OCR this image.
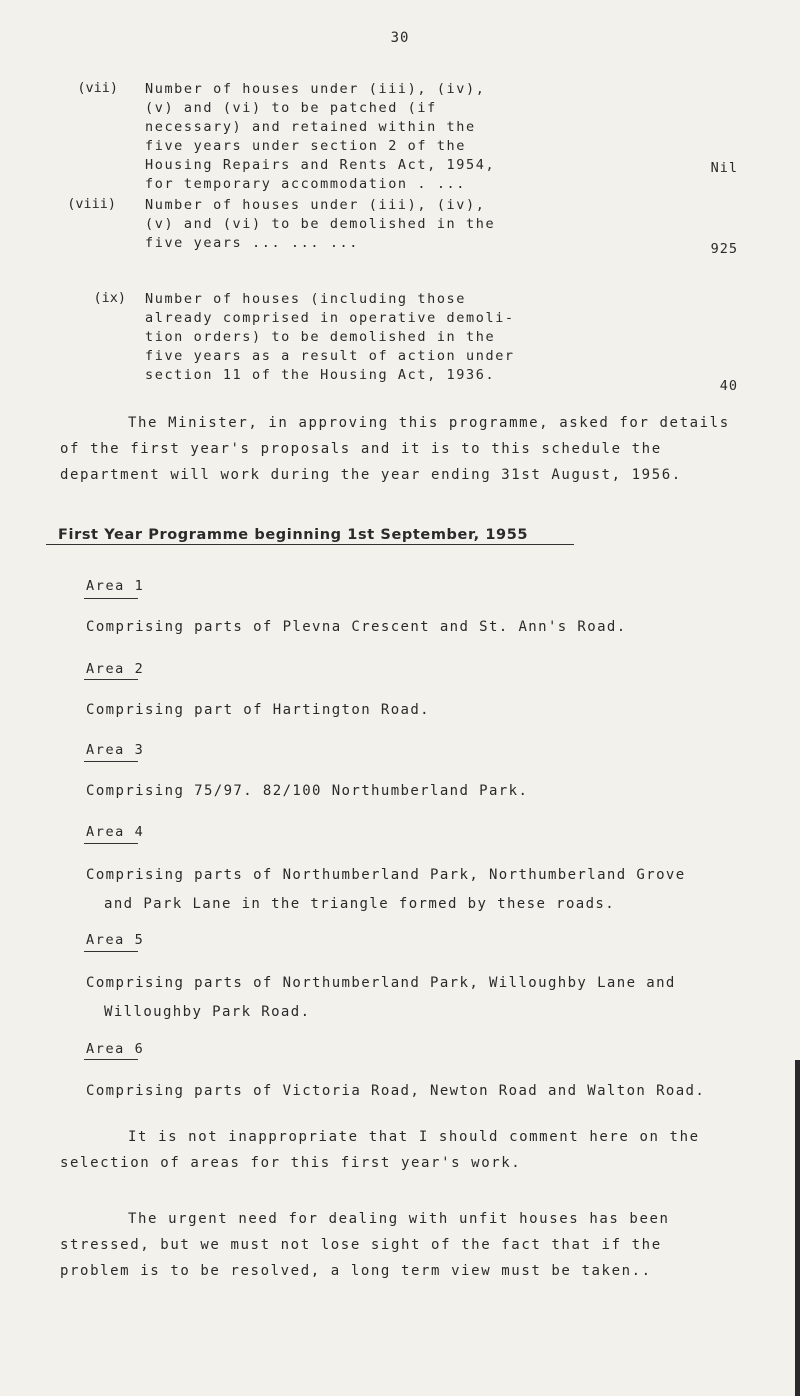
30
(vii) Number of houses under (iii), (iv),
(v) and (vi) to be patched (if
necessary) and retained within the
five years under section 2 of the
Housing Repairs and Rents Act, 1954,
for temporary accommodation . ...
Nil
(viii) Number of houses under (iii), (iv),
(v) and (vi) to be demolished in the
five years ... ... ...	925
(ix) Number of houses (including those
already comprised in operative demoli-
tion orders) to be demolished in the
five years as a result of action under
section 11 of the Housing Act, 1936.
40
The Minister, in approving this programme, asked for details
of the first year's proposals and it is to this schedule the
department will work during the year ending 31st August, 1956.
First Year Programme beginning 1st September, 1955
Area 1
Comprising parts of Plevna Crescent and St. Ann's Road.
Area 2
Comprising part of Hartington Road.
Area 3
Comprising 75/97. 82/100 Northumberland Park.
Area 4
Comprising parts of Northumberland Park, Northumberland Grove
and Park Lane in the triangle formed by these roads.
Area 5
Comprising parts of Northumberland Park, Willoughby Lane and
Willoughby Park Road.
Area 6
Comprising parts of Victoria Road, Newton Road and Walton Road.
It is not inappropriate that I should comment here on the
selection of areas for this first year's work.
The urgent need for dealing with unfit houses has been
stressed, but we must not lose sight of the fact that if the
problem is to be resolved, a long term view must be taken..
